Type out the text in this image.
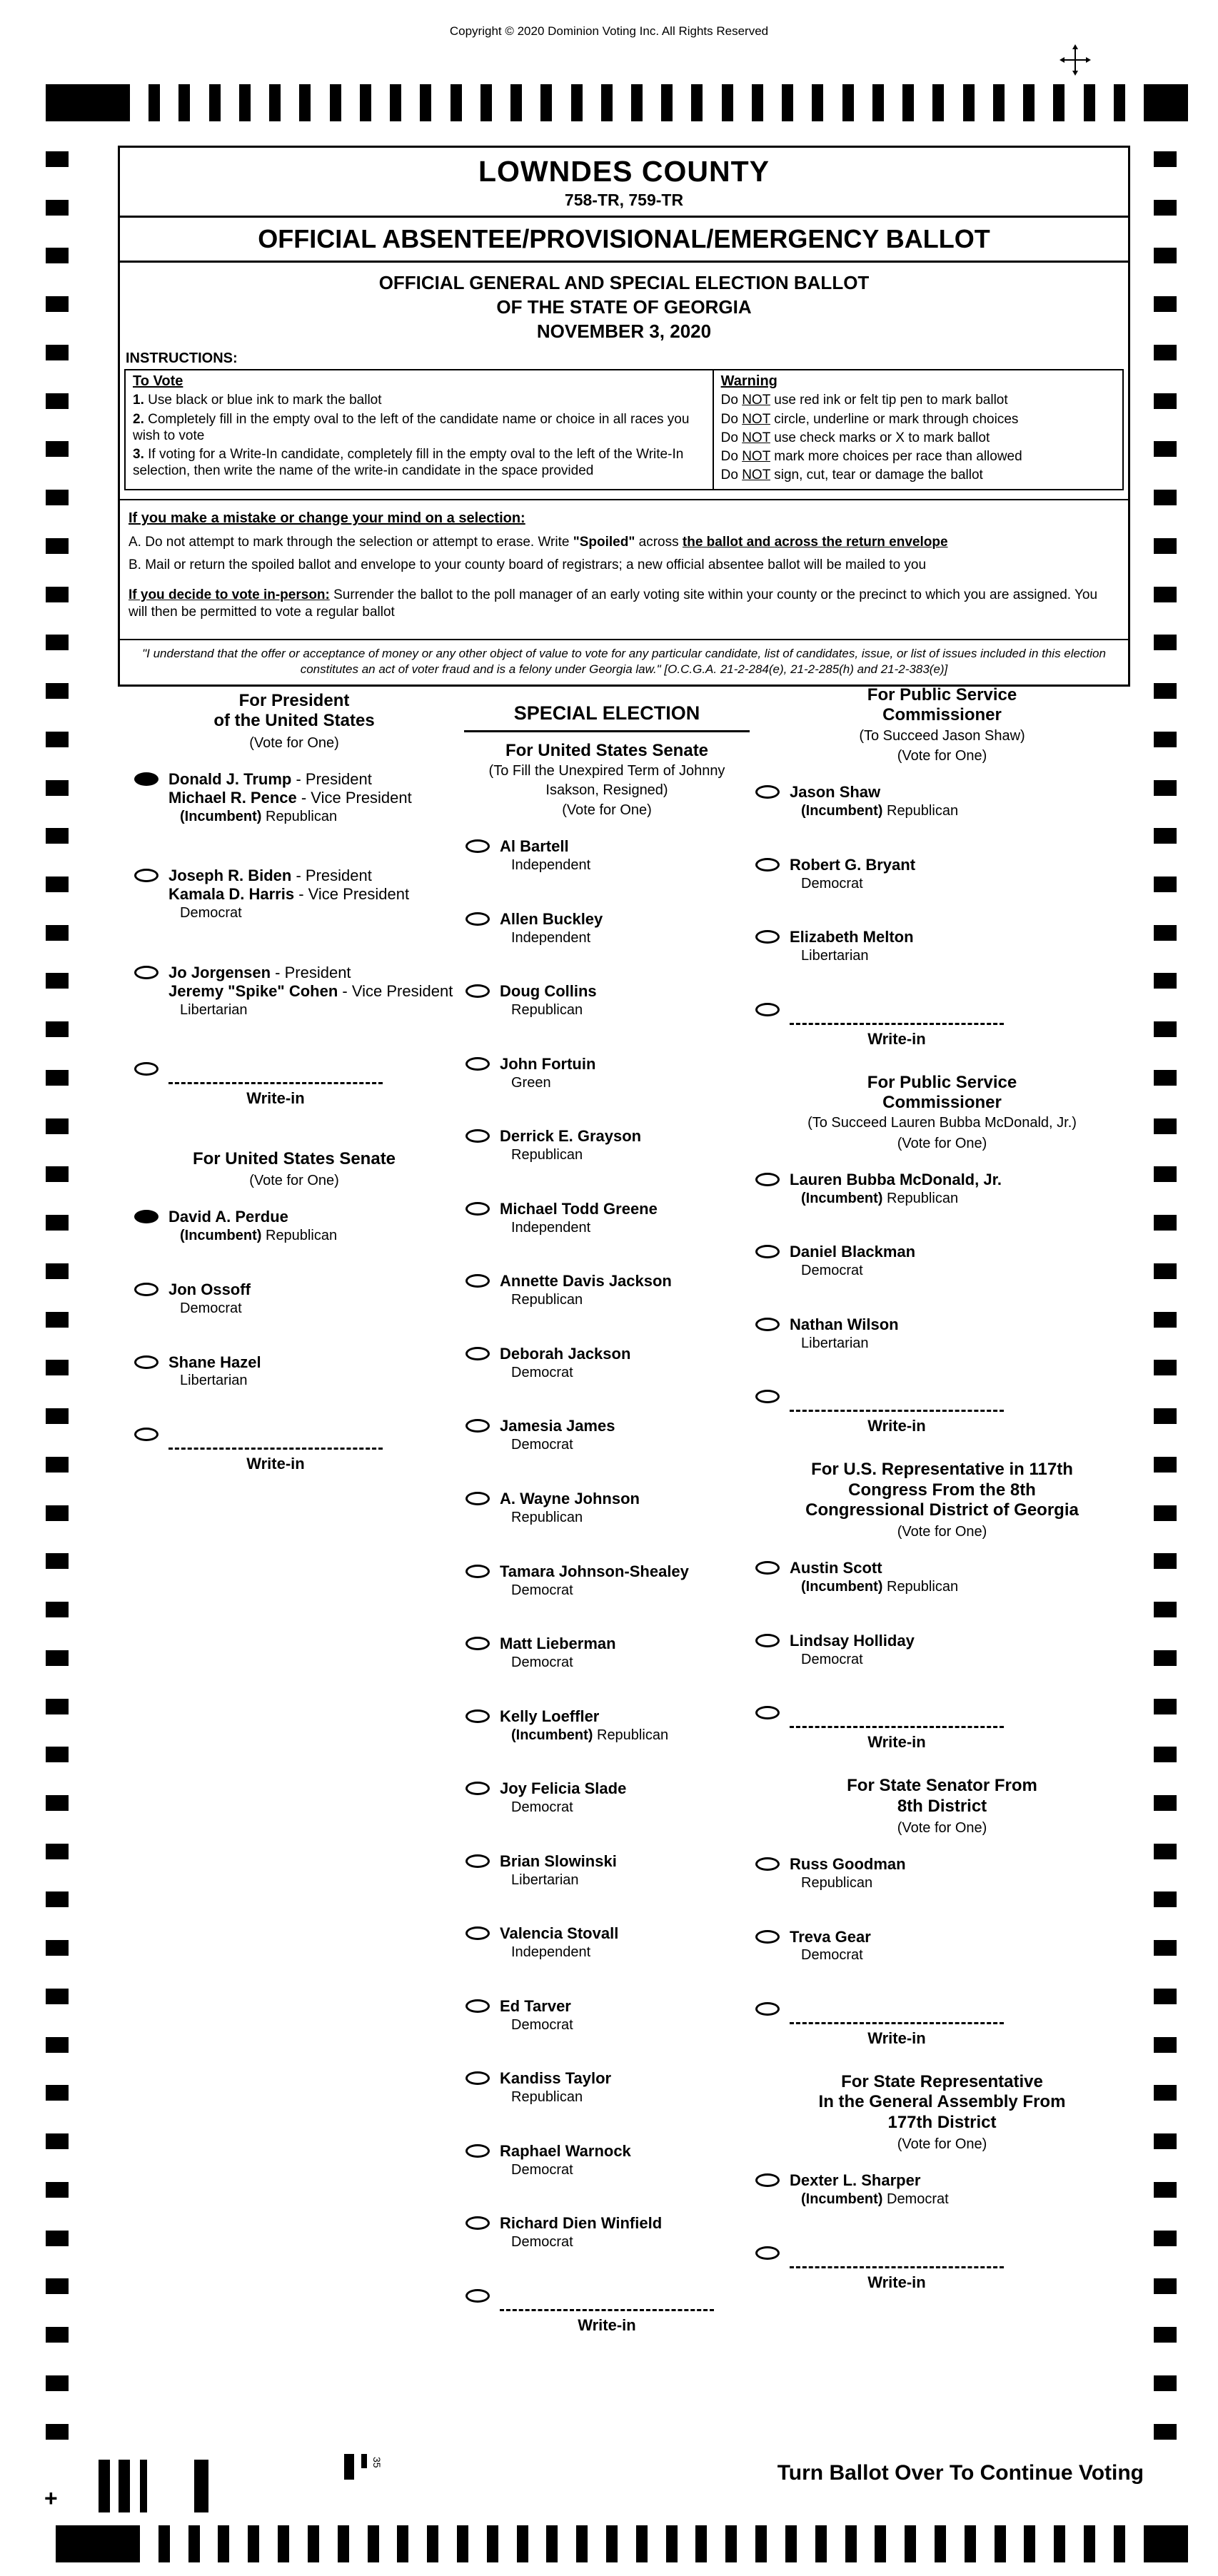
Copyright © 2020 Dominion Voting Inc. All Rights Reserved
LOWNDES COUNTY
758-TR, 759-TR
OFFICIAL ABSENTEE/PROVISIONAL/EMERGENCY BALLOT
OFFICIAL GENERAL AND SPECIAL ELECTION BALLOT
OF THE STATE OF GEORGIA
NOVEMBER 3, 2020
INSTRUCTIONS:
To Vote
1. Use black or blue ink to mark the ballot
2. Completely fill in the empty oval to the left of the candidate name or choice in all races you wish to vote
3. If voting for a Write-In candidate, completely fill in the empty oval to the left of the Write-In selection, then write the name of the write-in candidate in the space provided
Warning
Do NOT use red ink or felt tip pen to mark ballot
Do NOT circle, underline or mark through choices
Do NOT use check marks or X to mark ballot
Do NOT mark more choices per race than allowed
Do NOT sign, cut, tear or damage the ballot
If you make a mistake or change your mind on a selection:
A. Do not attempt to mark through the selection or attempt to erase. Write "Spoiled" across the ballot and across the return envelope
B. Mail or return the spoiled ballot and envelope to your county board of registrars; a new official absentee ballot will be mailed to you
If you decide to vote in-person: Surrender the ballot to the poll manager of an early voting site within your county or the precinct to which you are assigned. You will then be permitted to vote a regular ballot
"I understand that the offer or acceptance of money or any other object of value to vote for any particular candidate, list of candidates, issue, or list of issues included in this election constitutes an act of voter fraud and is a felony under Georgia law." [O.C.G.A. 21-2-284(e), 21-2-285(h) and 21-2-383(e)]
For President
of the United States
(Vote for One)
Donald J. Trump - President
Michael R. Pence - Vice President
(Incumbent) Republican
Joseph R. Biden - President
Kamala D. Harris - Vice President
Democrat
Jo Jorgensen - President
Jeremy "Spike" Cohen - Vice President
Libertarian
Write-in
For United States Senate
(Vote for One)
David A. Perdue
(Incumbent) Republican
Jon Ossoff
Democrat
Shane Hazel
Libertarian
Write-in
SPECIAL ELECTION
For United States Senate
(To Fill the Unexpired Term of Johnny
Isakson, Resigned)
(Vote for One)
Al Bartell
Independent
Allen Buckley
Independent
Doug Collins
Republican
John Fortuin
Green
Derrick E. Grayson
Republican
Michael Todd Greene
Independent
Annette Davis Jackson
Republican
Deborah Jackson
Democrat
Jamesia James
Democrat
A. Wayne Johnson
Republican
Tamara Johnson-Shealey
Democrat
Matt Lieberman
Democrat
Kelly Loeffler
(Incumbent) Republican
Joy Felicia Slade
Democrat
Brian Slowinski
Libertarian
Valencia Stovall
Independent
Ed Tarver
Democrat
Kandiss Taylor
Republican
Raphael Warnock
Democrat
Richard Dien Winfield
Democrat
Write-in
For Public Service
Commissioner
(To Succeed Jason Shaw)
(Vote for One)
Jason Shaw
(Incumbent) Republican
Robert G. Bryant
Democrat
Elizabeth Melton
Libertarian
Write-in
For Public Service
Commissioner
(To Succeed Lauren Bubba McDonald, Jr.)
(Vote for One)
Lauren Bubba McDonald, Jr.
(Incumbent) Republican
Daniel Blackman
Democrat
Nathan Wilson
Libertarian
Write-in
For U.S. Representative in 117th
Congress From the 8th
Congressional District of Georgia
(Vote for One)
Austin Scott
(Incumbent) Republican
Lindsay Holliday
Democrat
Write-in
For State Senator From
8th District
(Vote for One)
Russ Goodman
Republican
Treva Gear
Democrat
Write-in
For State Representative
In the General Assembly From
177th District
(Vote for One)
Dexter L. Sharper
(Incumbent) Democrat
Write-in
+
35	Turn Ballot Over To Continue Voting
